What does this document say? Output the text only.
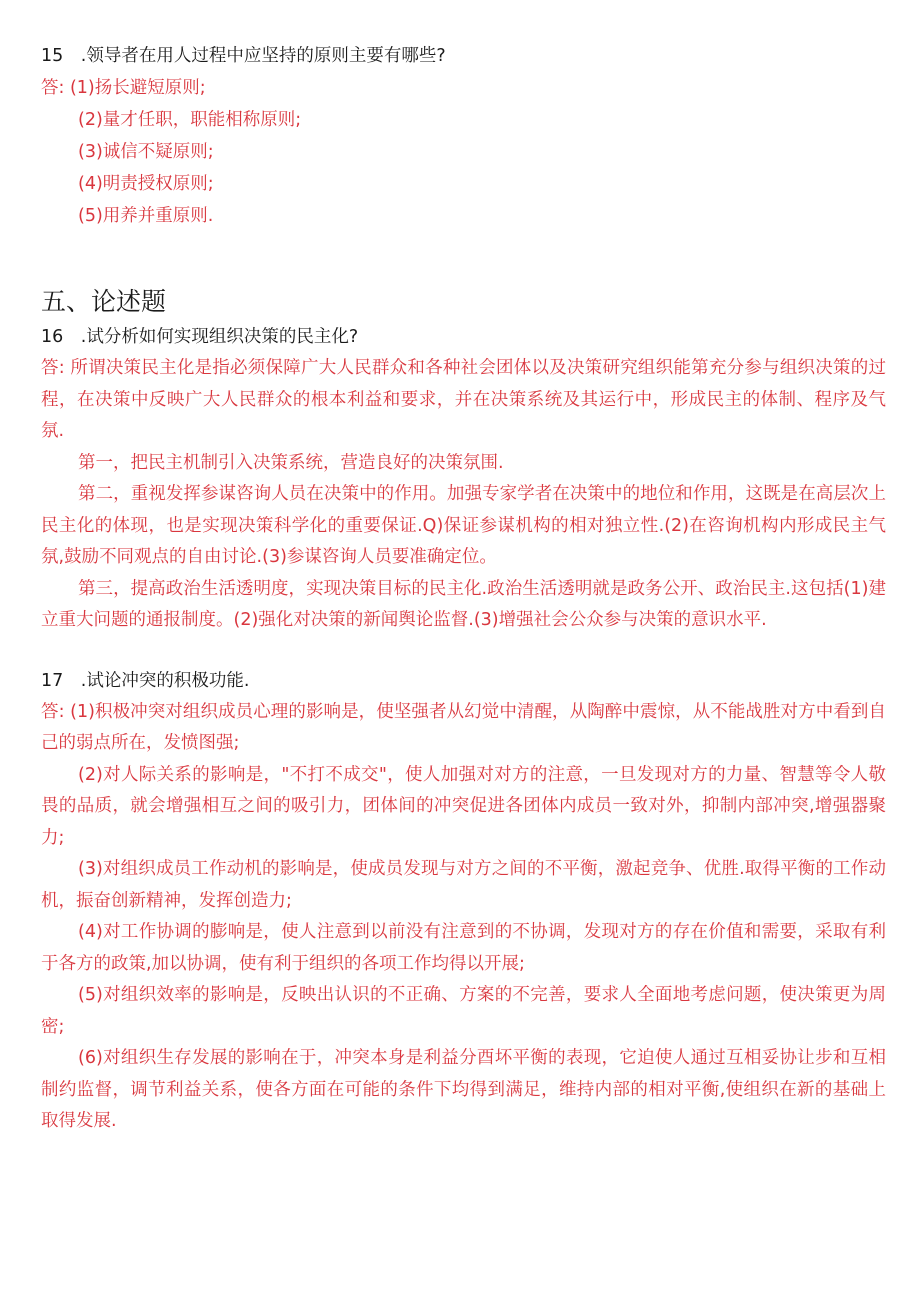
15　.领导者在用人过程中应坚持的原则主要有哪些?
答: (1)扬长避短原则;
(2)量才任职，职能相称原则;
(3)诚信不疑原则;
(4)明责授权原则;
(5)用养并重原则.
五、论述题
16　.试分析如何实现组织决策的民主化?
答: 所谓决策民主化是指必须保障广大人民群众和各种社会团体以及决策研究组织能第充分参与组织决策的过程，在决策中反映广大人民群众的根本利益和要求，并在决策系统及其运行中，形成民主的体制、程序及气氛.
第一，把民主机制引入决策系统，营造良好的决策氛围.
第二，重视发挥参谋咨询人员在决策中的作用。加强专家学者在决策中的地位和作用，这既是在高层次上民主化的体现，也是实现决策科学化的重要保证.Q)保证参谋机构的相对独立性.(2)在咨询机构内形成民主气氛,鼓励不同观点的自由讨论.(3)参谋咨询人员要准确定位。
第三，提高政治生活透明度，实现决策目标的民主化.政治生活透明就是政务公开、政治民主.这包括(1)建立重大问题的通报制度。(2)强化对决策的新闻舆论监督.(3)增强社会公众参与决策的意识水平.
17　.试论冲突的积极功能.
答: (1)积极冲突对组织成员心理的影响是，使坚强者从幻觉中清醒，从陶醉中震惊，从不能战胜对方中看到自己的弱点所在，发愤图强;
(2)对人际关系的影响是，"不打不成交"，使人加强对对方的注意，一旦发现对方的力量、智慧等令人敬畏的品质，就会增强相互之间的吸引力，团体间的冲突促进各团体内成员一致对外，抑制内部冲突,增强器聚力;
(3)对组织成员工作动机的影响是，使成员发现与对方之间的不平衡，激起竞争、优胜.取得平衡的工作动机，振奋创新精神，发挥创造力;
(4)对工作协调的膨响是，使人注意到以前没有注意到的不协调，发现对方的存在价值和需要，采取有利于各方的政策,加以协调，使有利于组织的各项工作均得以开展;
(5)对组织效率的影响是，反映出认识的不正确、方案的不完善，要求人全面地考虑问题，使决策更为周密;
(6)对组织生存发展的影响在于，冲突本身是利益分酉坏平衡的表现，它迫使人通过互相妥协让步和互相制约监督，调节利益关系，使各方面在可能的条件下均得到满足，维持内部的相对平衡,使组织在新的基础上取得发展.
